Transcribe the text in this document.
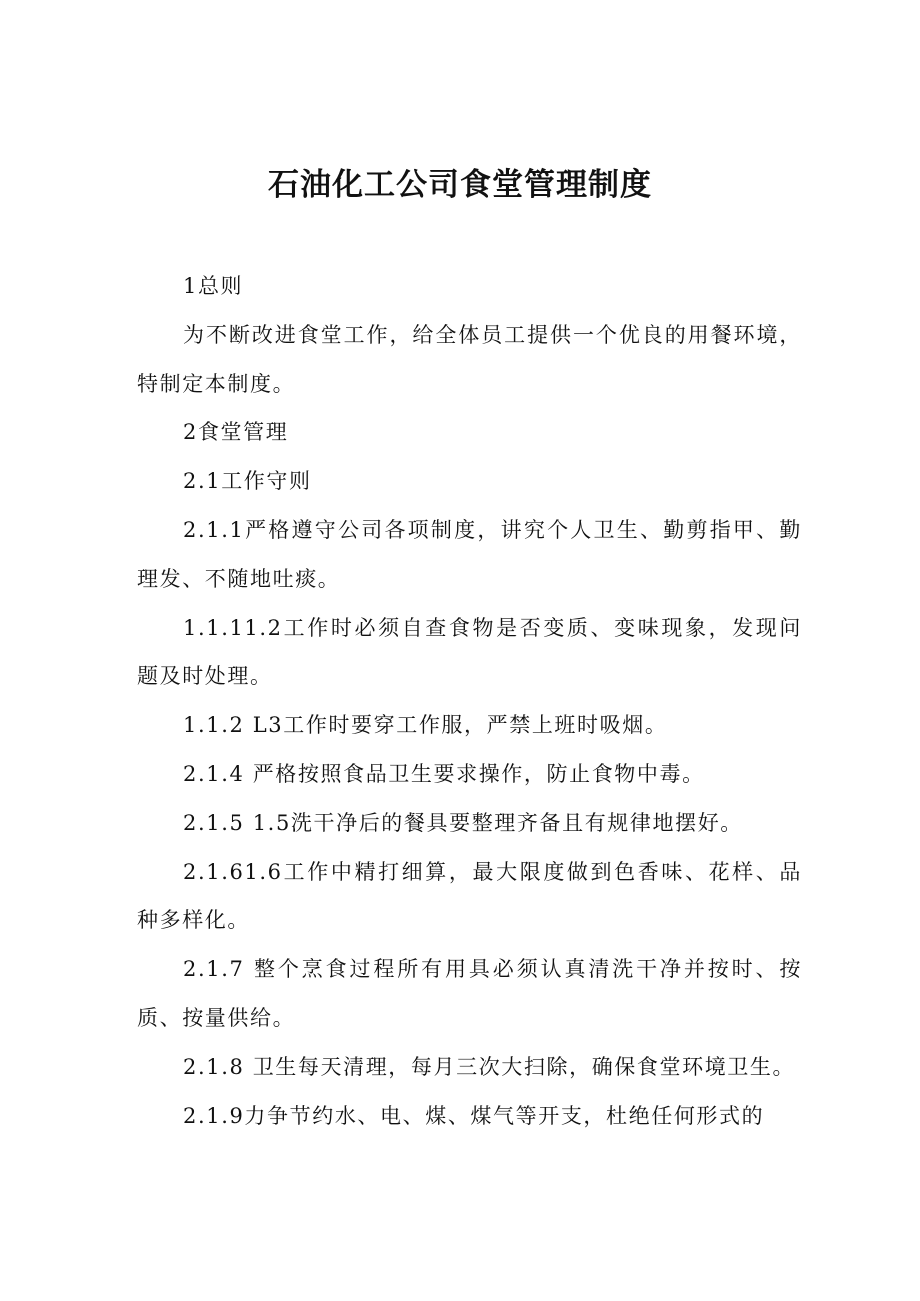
石油化工公司食堂管理制度

1总则

为不断改进食堂工作，给全体员工提供一个优良的用餐环境，特制定本制度。

2食堂管理

2.1工作守则

2.1.1严格遵守公司各项制度，讲究个人卫生、勤剪指甲、勤理发、不随地吐痰。

1.1.11.2工作时必须自查食物是否变质、变味现象，发现问题及时处理。

1.1.2 L3工作时要穿工作服，严禁上班时吸烟。

2.1.4 严格按照食品卫生要求操作，防止食物中毒。

2.1.5 1.5洗干净后的餐具要整理齐备且有规律地摆好。

2.1.61.6工作中精打细算，最大限度做到色香味、花样、品种多样化。

2.1.7 整个烹食过程所有用具必须认真清洗干净并按时、按质、按量供给。

2.1.8 卫生每天清理，每月三次大扫除，确保食堂环境卫生。

2.1.9力争节约水、电、煤、煤气等开支，杜绝任何形式的
